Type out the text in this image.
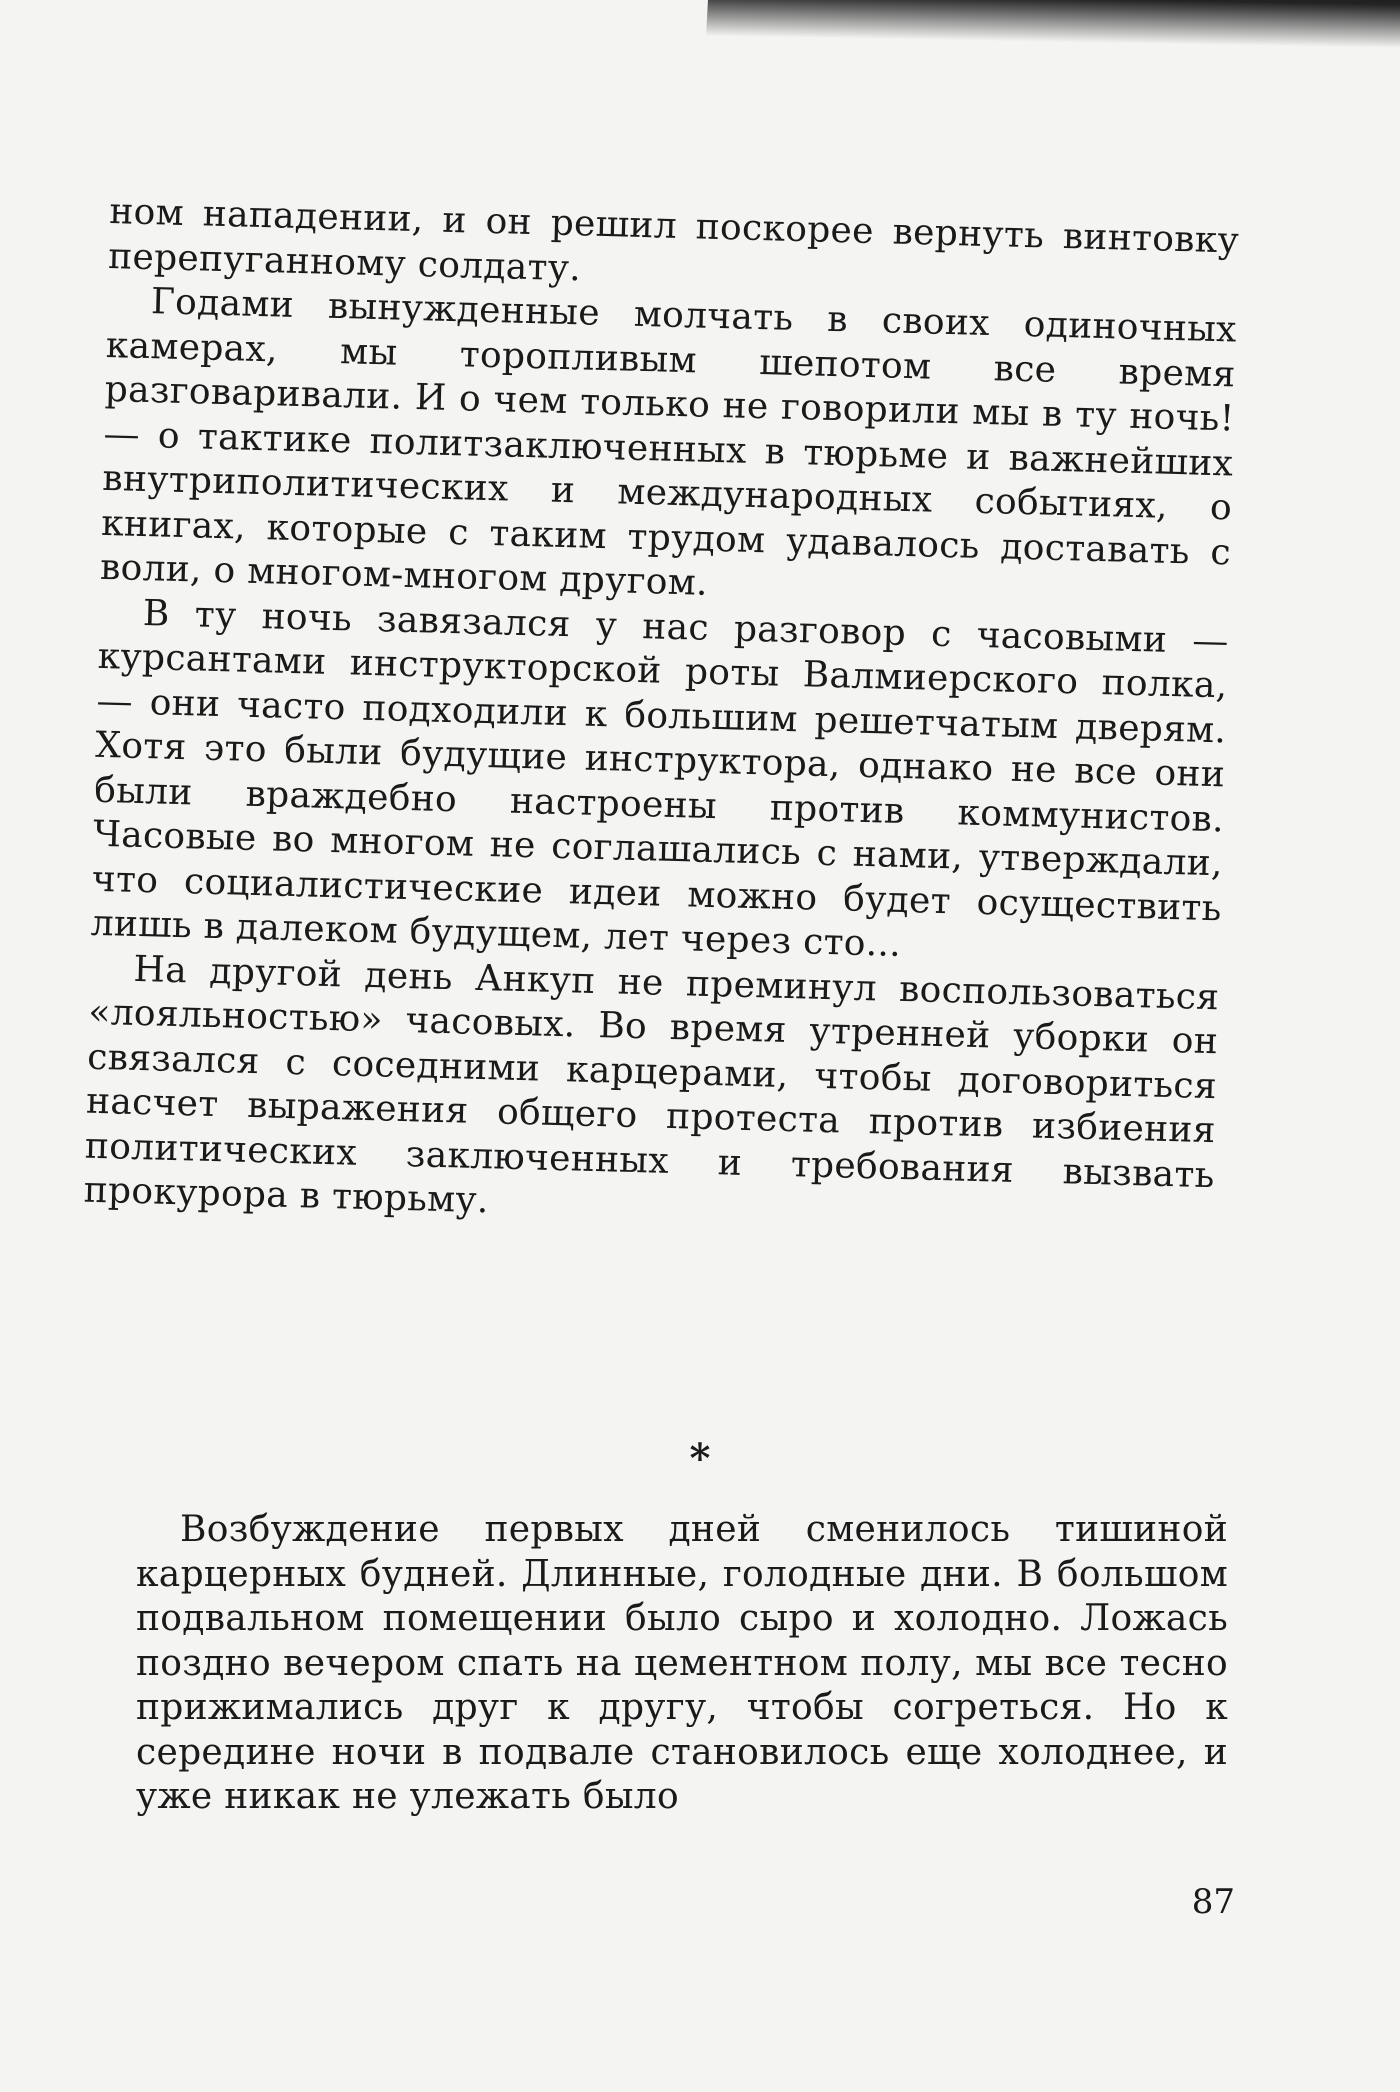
ном нападении, и он решил поскорее вернуть винтовку перепуганному солдату.

Годами вынужденные молчать в своих одиночных камерах, мы торопливым шепотом все время разговаривали. И о чем только не говорили мы в ту ночь! — о тактике политзаключенных в тюрьме и важнейших внутриполитических и международных событиях, о книгах, которые с таким трудом удавалось доставать с воли, о многом-многом другом.

В ту ночь завязался у нас разговор с часовыми — курсантами инструкторской роты Валмиерского полка, — они часто подходили к большим решетчатым дверям. Хотя это были будущие инструктора, однако не все они были враждебно настроены против коммунистов. Часовые во многом не соглашались с нами, утверждали, что социалистические идеи можно будет осуществить лишь в далеком будущем, лет через сто...

На другой день Анкуп не преминул воспользоваться «лояльностью» часовых. Во время утренней уборки он связался с соседними карцерами, чтобы договориться насчет выражения общего протеста против избиения политических заключенных и требования вызвать прокурора в тюрьму.

*

Возбуждение первых дней сменилось тишиной карцерных будней. Длинные, голодные дни. В большом подвальном помещении было сыро и холодно. Ложась поздно вечером спать на цементном полу, мы все тесно прижимались друг к другу, чтобы согреться. Но к середине ночи в подвале становилось еще холоднее, и уже никак не улежать было

87
